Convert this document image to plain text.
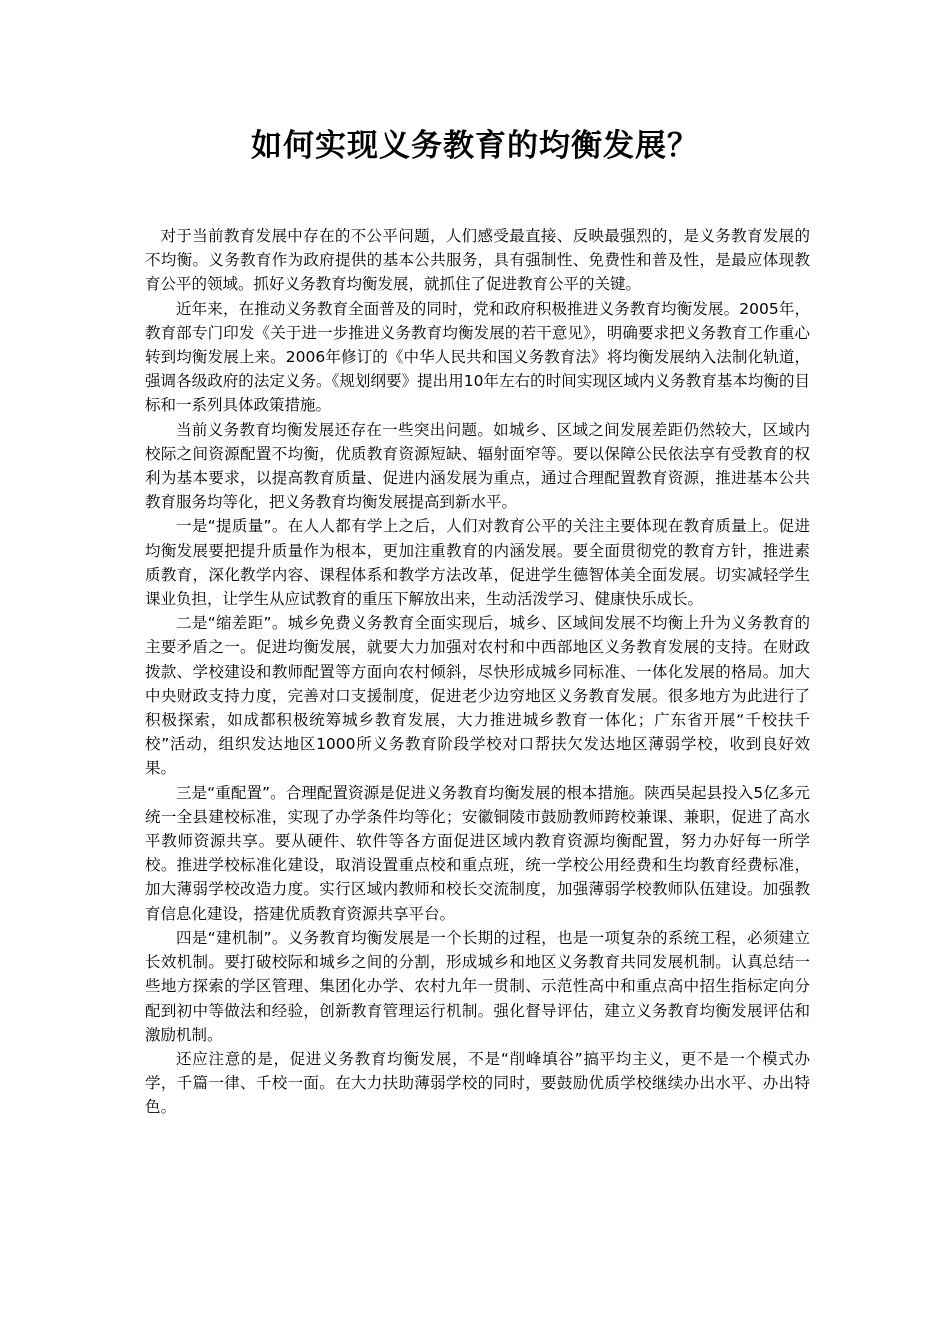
如何实现义务教育的均衡发展？

对于当前教育发展中存在的不公平问题，人们感受最直接、反映最强烈的，是义务教育发展的不均衡。义务教育作为政府提供的基本公共服务，具有强制性、免费性和普及性，是最应体现教育公平的领域。抓好义务教育均衡发展，就抓住了促进教育公平的关键。

近年来，在推动义务教育全面普及的同时，党和政府积极推进义务教育均衡发展。2005年，教育部专门印发《关于进一步推进义务教育均衡发展的若干意见》，明确要求把义务教育工作重心转到均衡发展上来。2006年修订的《中华人民共和国义务教育法》将均衡发展纳入法制化轨道，强调各级政府的法定义务。《规划纲要》提出用10年左右的时间实现区域内义务教育基本均衡的目标和一系列具体政策措施。

当前义务教育均衡发展还存在一些突出问题。如城乡、区域之间发展差距仍然较大，区域内校际之间资源配置不均衡，优质教育资源短缺、辐射面窄等。要以保障公民依法享有受教育的权利为基本要求，以提高教育质量、促进内涵发展为重点，通过合理配置教育资源，推进基本公共教育服务均等化，把义务教育均衡发展提高到新水平。

一是“提质量”。在人人都有学上之后，人们对教育公平的关注主要体现在教育质量上。促进均衡发展要把提升质量作为根本，更加注重教育的内涵发展。要全面贯彻党的教育方针，推进素质教育，深化教学内容、课程体系和教学方法改革，促进学生德智体美全面发展。切实减轻学生课业负担，让学生从应试教育的重压下解放出来，生动活泼学习、健康快乐成长。

二是“缩差距”。城乡免费义务教育全面实现后，城乡、区域间发展不均衡上升为义务教育的主要矛盾之一。促进均衡发展，就要大力加强对农村和中西部地区义务教育发展的支持。在财政拨款、学校建设和教师配置等方面向农村倾斜，尽快形成城乡同标准、一体化发展的格局。加大中央财政支持力度，完善对口支援制度，促进老少边穷地区义务教育发展。很多地方为此进行了积极探索，如成都积极统筹城乡教育发展，大力推进城乡教育一体化；广东省开展“千校扶千校”活动，组织发达地区1000所义务教育阶段学校对口帮扶欠发达地区薄弱学校，收到良好效果。

三是“重配置”。合理配置资源是促进义务教育均衡发展的根本措施。陕西吴起县投入5亿多元统一全县建校标准，实现了办学条件均等化；安徽铜陵市鼓励教师跨校兼课、兼职，促进了高水平教师资源共享。要从硬件、软件等各方面促进区域内教育资源均衡配置，努力办好每一所学校。推进学校标准化建设，取消设置重点校和重点班，统一学校公用经费和生均教育经费标准，加大薄弱学校改造力度。实行区域内教师和校长交流制度，加强薄弱学校教师队伍建设。加强教育信息化建设，搭建优质教育资源共享平台。

四是“建机制”。义务教育均衡发展是一个长期的过程，也是一项复杂的系统工程，必须建立长效机制。要打破校际和城乡之间的分割，形成城乡和地区义务教育共同发展机制。认真总结一些地方探索的学区管理、集团化办学、农村九年一贯制、示范性高中和重点高中招生指标定向分配到初中等做法和经验，创新教育管理运行机制。强化督导评估，建立义务教育均衡发展评估和激励机制。

还应注意的是，促进义务教育均衡发展，不是“削峰填谷”搞平均主义，更不是一个模式办学，千篇一律、千校一面。在大力扶助薄弱学校的同时，要鼓励优质学校继续办出水平、办出特色。
